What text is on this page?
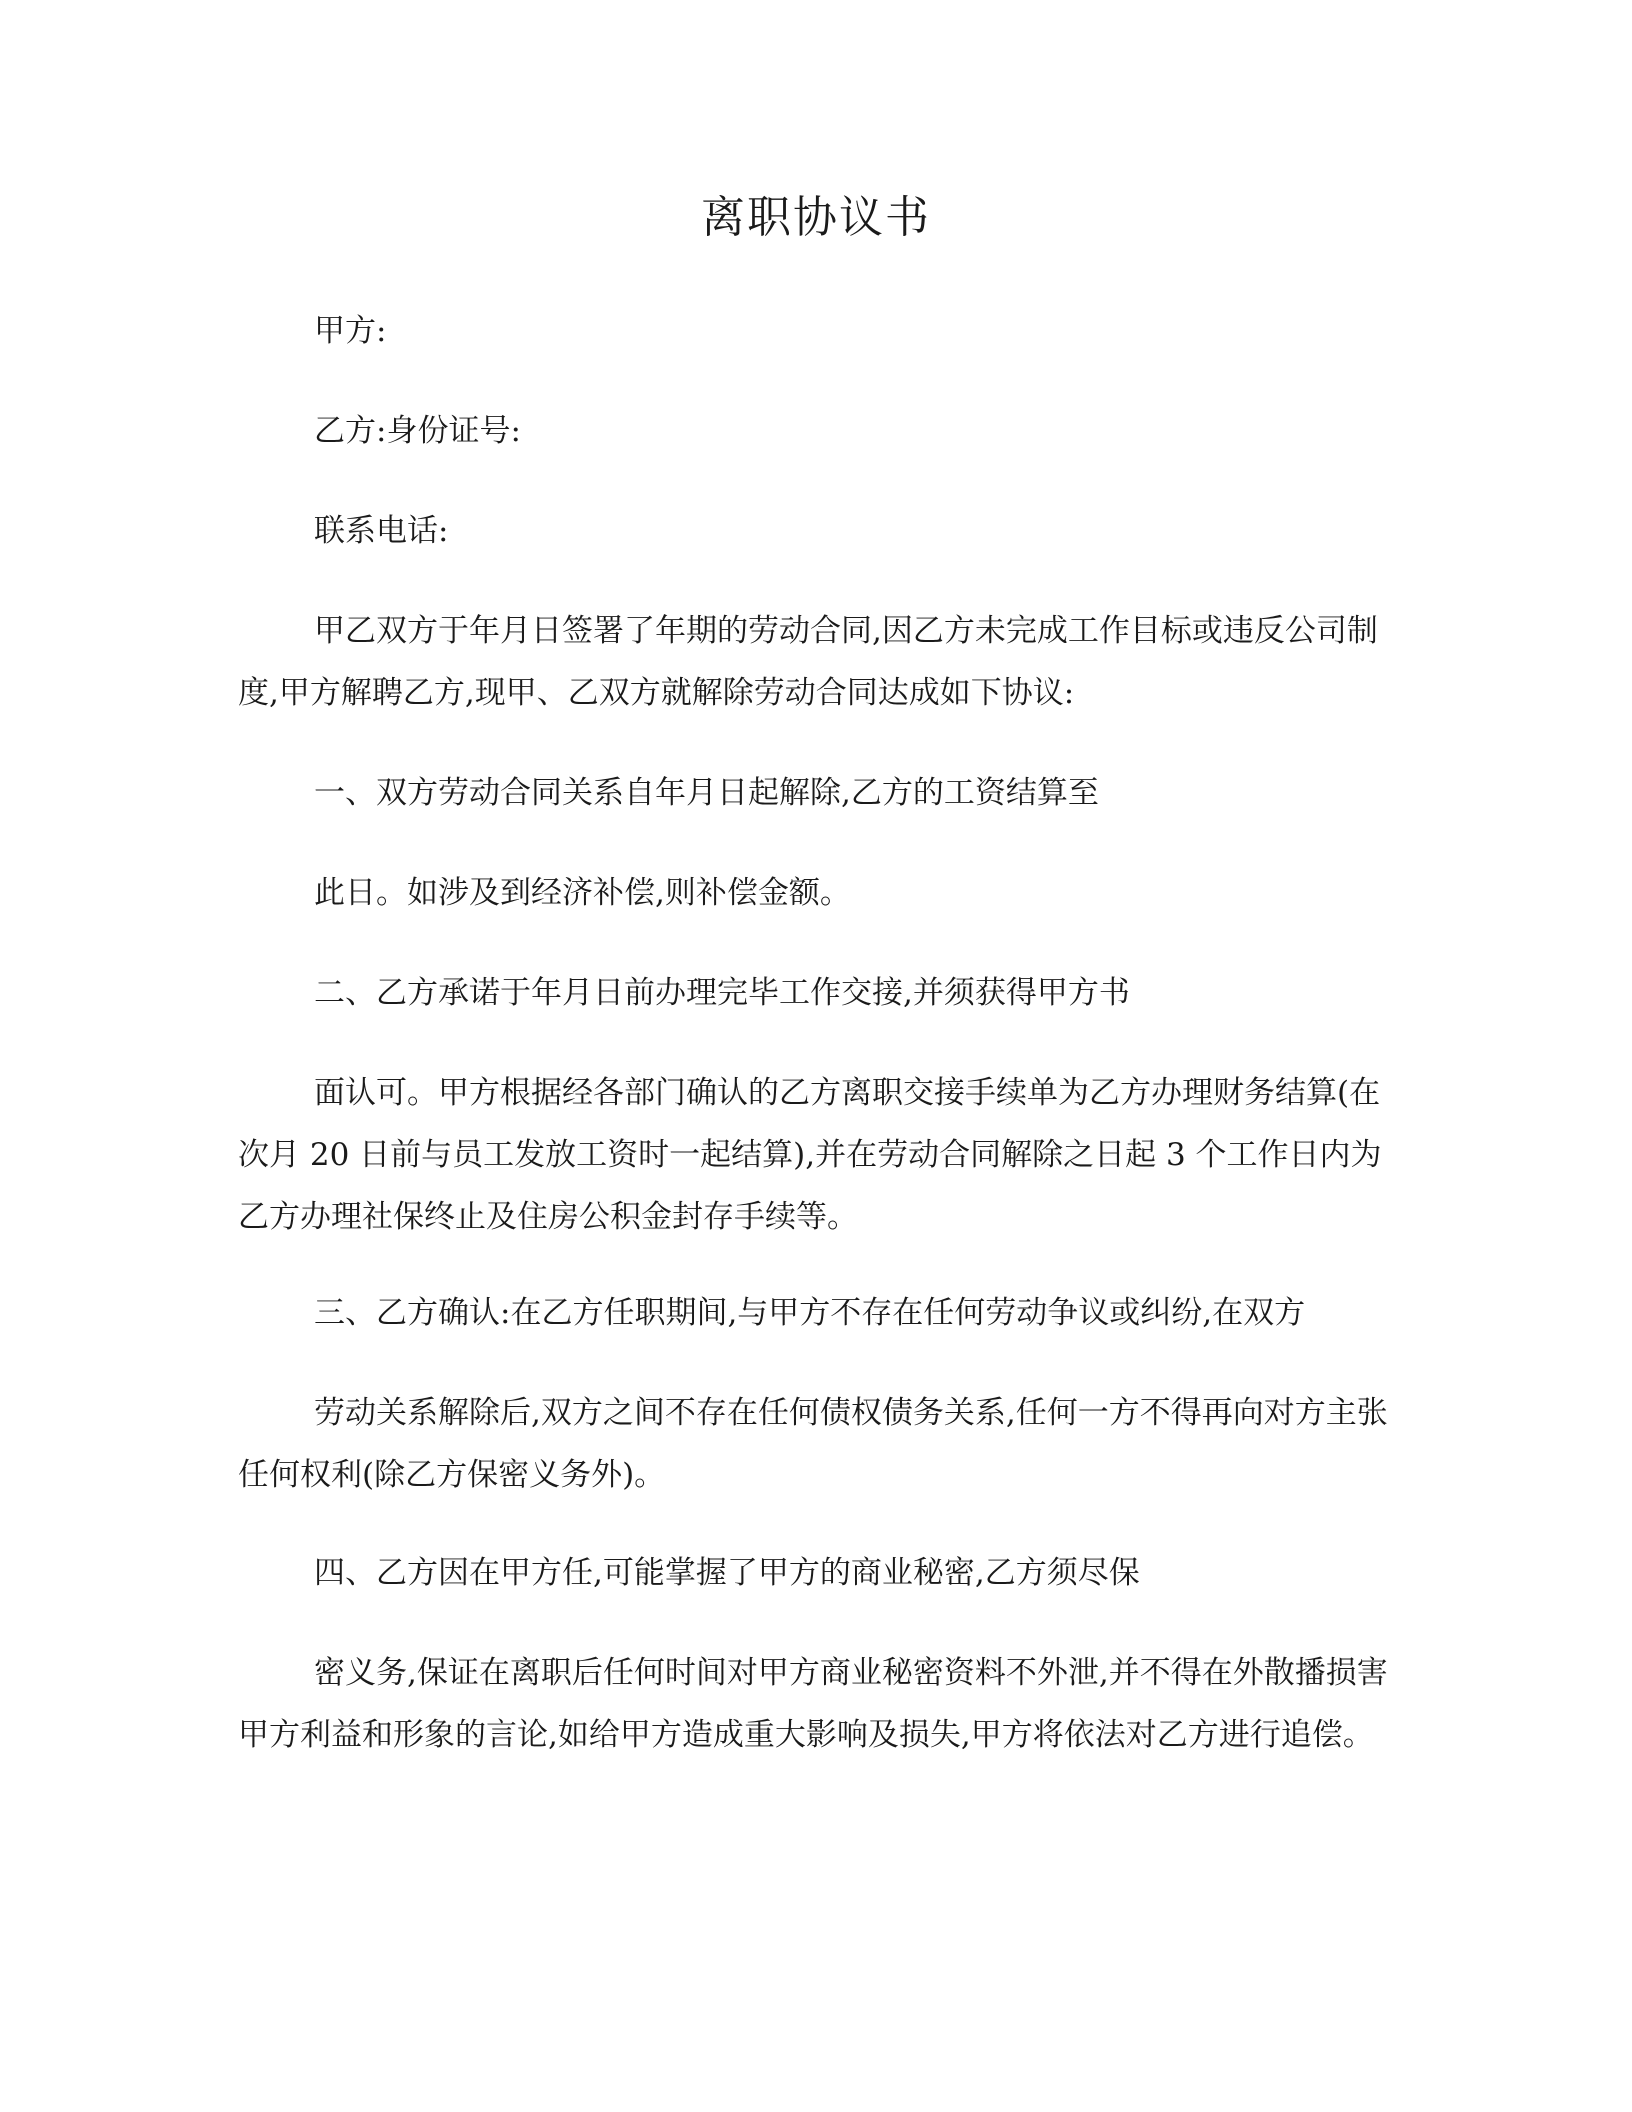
离职协议书

甲方:

乙方:身份证号:

联系电话:

甲乙双方于年月日签署了年期的劳动合同,因乙方未完成工作目标或违反公司制度,甲方解聘乙方,现甲、乙双方就解除劳动合同达成如下协议:

一、双方劳动合同关系自年月日起解除,乙方的工资结算至

此日。如涉及到经济补偿,则补偿金额。

二、乙方承诺于年月日前办理完毕工作交接,并须获得甲方书

面认可。甲方根据经各部门确认的乙方离职交接手续单为乙方办理财务结算(在次月 20 日前与员工发放工资时一起结算),并在劳动合同解除之日起 3 个工作日内为乙方办理社保终止及住房公积金封存手续等。

三、乙方确认:在乙方任职期间,与甲方不存在任何劳动争议或纠纷,在双方

劳动关系解除后,双方之间不存在任何债权债务关系,任何一方不得再向对方主张任何权利(除乙方保密义务外)。

四、乙方因在甲方任,可能掌握了甲方的商业秘密,乙方须尽保

密义务,保证在离职后任何时间对甲方商业秘密资料不外泄,并不得在外散播损害甲方利益和形象的言论,如给甲方造成重大影响及损失,甲方将依法对乙方进行追偿。
